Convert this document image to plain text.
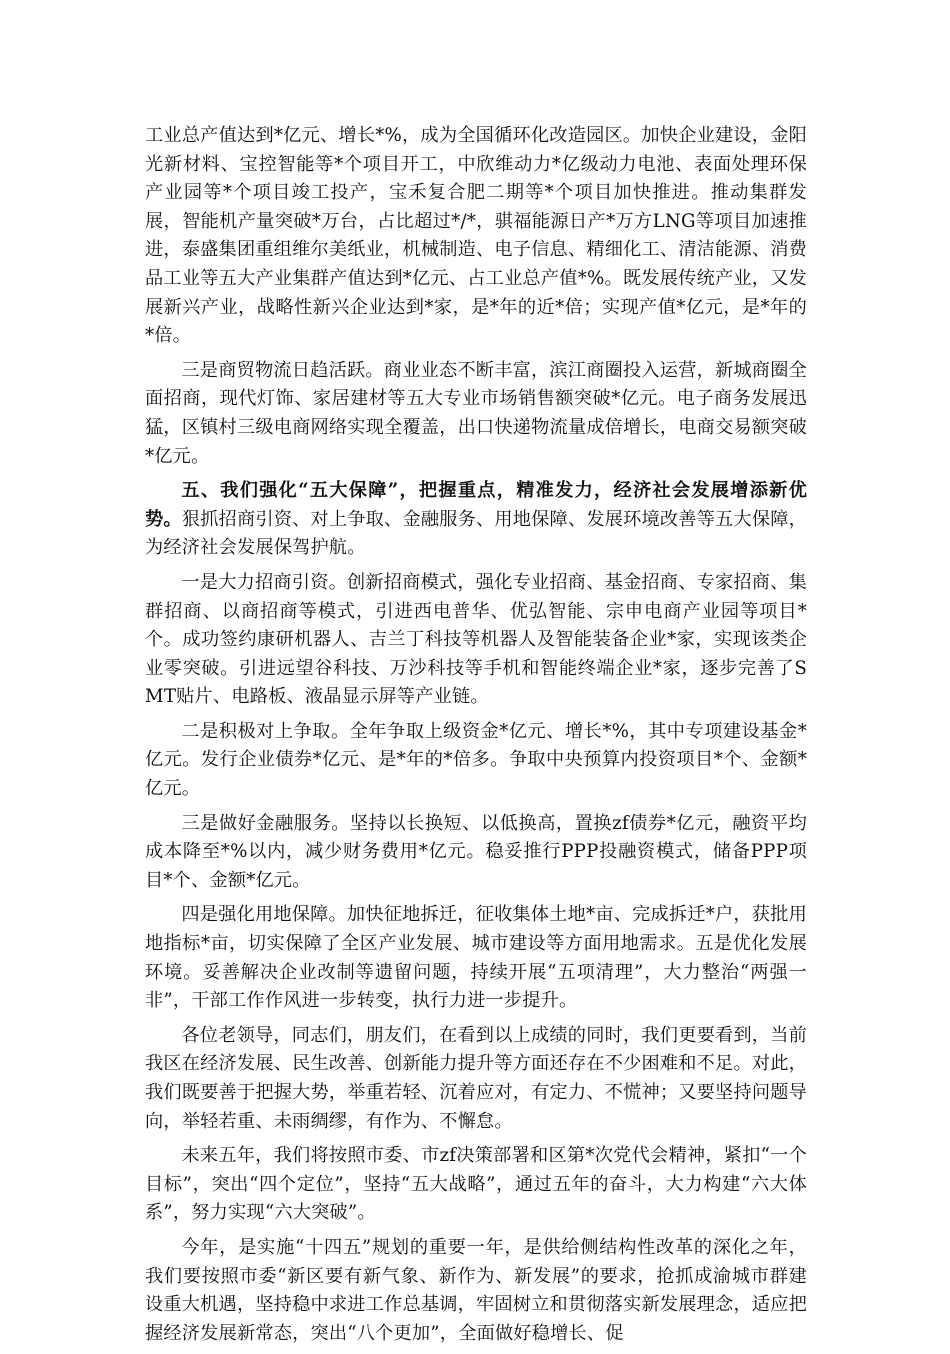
工业总产值达到*亿元、增长*%，成为全国循环化改造园区。加快企业建设，金阳光新材料、宝控智能等*个项目开工，中欣维动力*亿级动力电池、表面处理环保产业园等*个项目竣工投产，宝禾复合肥二期等*个项目加快推进。推动集群发展，智能机产量突破*万台，占比超过*/*，骐福能源日产*万方LNG等项目加速推进，泰盛集团重组维尔美纸业，机械制造、电子信息、精细化工、清洁能源、消费品工业等五大产业集群产值达到*亿元、占工业总产值*%。既发展传统产业，又发展新兴产业，战略性新兴企业达到*家，是*年的近*倍；实现产值*亿元，是*年的*倍。

三是商贸物流日趋活跃。商业业态不断丰富，滨江商圈投入运营，新城商圈全面招商，现代灯饰、家居建材等五大专业市场销售额突破*亿元。电子商务发展迅猛，区镇村三级电商网络实现全覆盖，出口快递物流量成倍增长，电商交易额突破*亿元。

五、我们强化“五大保障”，把握重点，精准发力，经济社会发展增添新优势。狠抓招商引资、对上争取、金融服务、用地保障、发展环境改善等五大保障，为经济社会发展保驾护航。

一是大力招商引资。创新招商模式，强化专业招商、基金招商、专家招商、集群招商、以商招商等模式，引进西电普华、优弘智能、宗申电商产业园等项目*个。成功签约康研机器人、吉兰丁科技等机器人及智能装备企业*家，实现该类企业零突破。引进远望谷科技、万沙科技等手机和智能终端企业*家，逐步完善了SMT贴片、电路板、液晶显示屏等产业链。

二是积极对上争取。全年争取上级资金*亿元、增长*%，其中专项建设基金*亿元。发行企业债券*亿元、是*年的*倍多。争取中央预算内投资项目*个、金额*亿元。

三是做好金融服务。坚持以长换短、以低换高，置换zf债券*亿元，融资平均成本降至*%以内，减少财务费用*亿元。稳妥推行PPP投融资模式，储备PPP项目*个、金额*亿元。

四是强化用地保障。加快征地拆迁，征收集体土地*亩、完成拆迁*户，获批用地指标*亩，切实保障了全区产业发展、城市建设等方面用地需求。五是优化发展环境。妥善解决企业改制等遗留问题，持续开展“五项清理”，大力整治“两强一非”，干部工作作风进一步转变，执行力进一步提升。

各位老领导，同志们，朋友们，在看到以上成绩的同时，我们更要看到，当前我区在经济发展、民生改善、创新能力提升等方面还存在不少困难和不足。对此，我们既要善于把握大势，举重若轻、沉着应对，有定力、不慌神；又要坚持问题导向，举轻若重、未雨绸缪，有作为、不懈怠。

未来五年，我们将按照市委、市zf决策部署和区第*次党代会精神，紧扣“一个目标”，突出“四个定位”，坚持“五大战略”，通过五年的奋斗，大力构建“六大体系”，努力实现“六大突破”。

今年，是实施“十四五”规划的重要一年，是供给侧结构性改革的深化之年，我们要按照市委“新区要有新气象、新作为、新发展”的要求，抢抓成渝城市群建设重大机遇，坚持稳中求进工作总基调，牢固树立和贯彻落实新发展理念，适应把握经济发展新常态，突出“八个更加”，全面做好稳增长、促
